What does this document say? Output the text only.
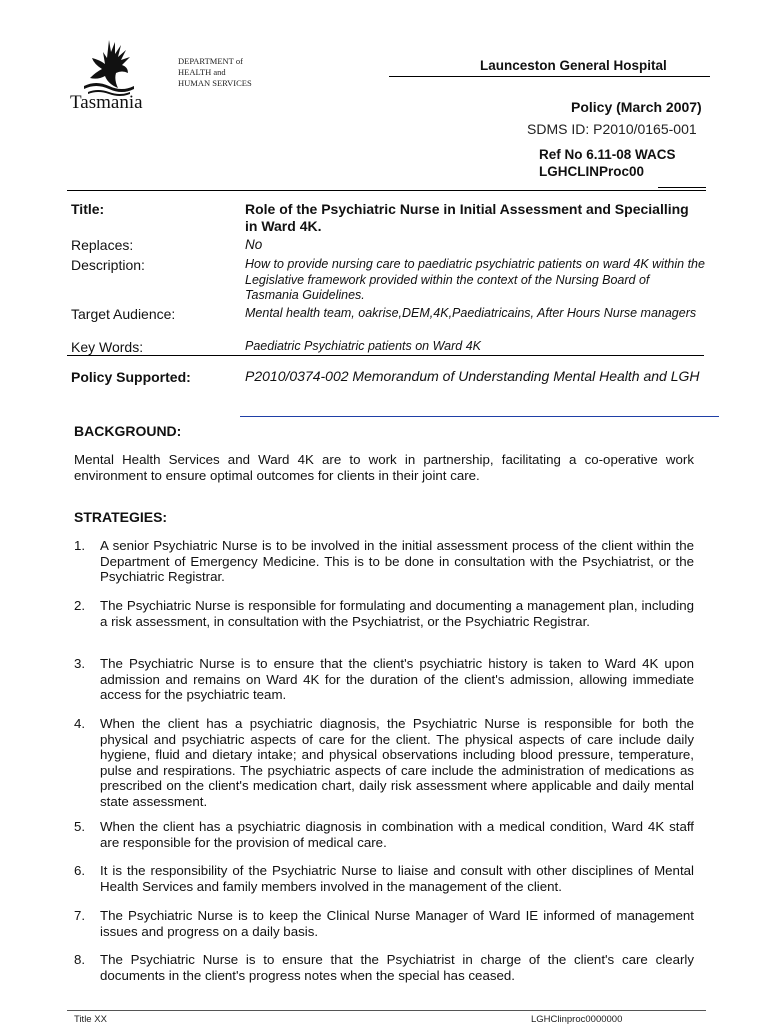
DEPARTMENT of
HEALTH and
HUMAN SERVICES
Tasmania
Launceston General Hospital
Policy (March 2007)
SDMS ID: P2010/0165-001
Ref No 6.11-08 WACS
LGHCLINProc00
Title:	Role of the Psychiatric Nurse in Initial Assessment and Specialling in Ward 4K.
Replaces:	No
Description:	How to provide nursing care to paediatric psychiatric patients on ward 4K within the Legislative framework provided within the context of the Nursing Board of Tasmania Guidelines.
Target Audience:	Mental health team, oakrise,DEM,4K,Paediatricains, After Hours Nurse managers
Key Words:	Paediatric Psychiatric patients on Ward 4K
Policy Supported:	P2010/0374-002 Memorandum of Understanding Mental Health and LGH
BACKGROUND:
Mental Health Services and Ward 4K are to work in partnership, facilitating a co-operative work environment to ensure optimal outcomes for clients in their joint care.
STRATEGIES:
1. A senior Psychiatric Nurse is to be involved in the initial assessment process of the client within the Department of Emergency Medicine. This is to be done in consultation with the Psychiatrist, or the Psychiatric Registrar.
2. The Psychiatric Nurse is responsible for formulating and documenting a management plan, including a risk assessment, in consultation with the Psychiatrist, or the Psychiatric Registrar.
3. The Psychiatric Nurse is to ensure that the client's psychiatric history is taken to Ward 4K upon admission and remains on Ward 4K for the duration of the client's admission, allowing immediate access for the psychiatric team.
4. When the client has a psychiatric diagnosis, the Psychiatric Nurse is responsible for both the physical and psychiatric aspects of care for the client. The physical aspects of care include daily hygiene, fluid and dietary intake; and physical observations including blood pressure, temperature, pulse and respirations. The psychiatric aspects of care include the administration of medications as prescribed on the client's medication chart, daily risk assessment where applicable and daily mental state assessment.
5. When the client has a psychiatric diagnosis in combination with a medical condition, Ward 4K staff are responsible for the provision of medical care.
6. It is the responsibility of the Psychiatric Nurse to liaise and consult with other disciplines of Mental Health Services and family members involved in the management of the client.
7. The Psychiatric Nurse is to keep the Clinical Nurse Manager of Ward IE informed of management issues and progress on a daily basis.
8. The Psychiatric Nurse is to ensure that the Psychiatrist in charge of the client's care clearly documents in the client's progress notes when the special has ceased.
Title XX	LGHClinproc0000000
